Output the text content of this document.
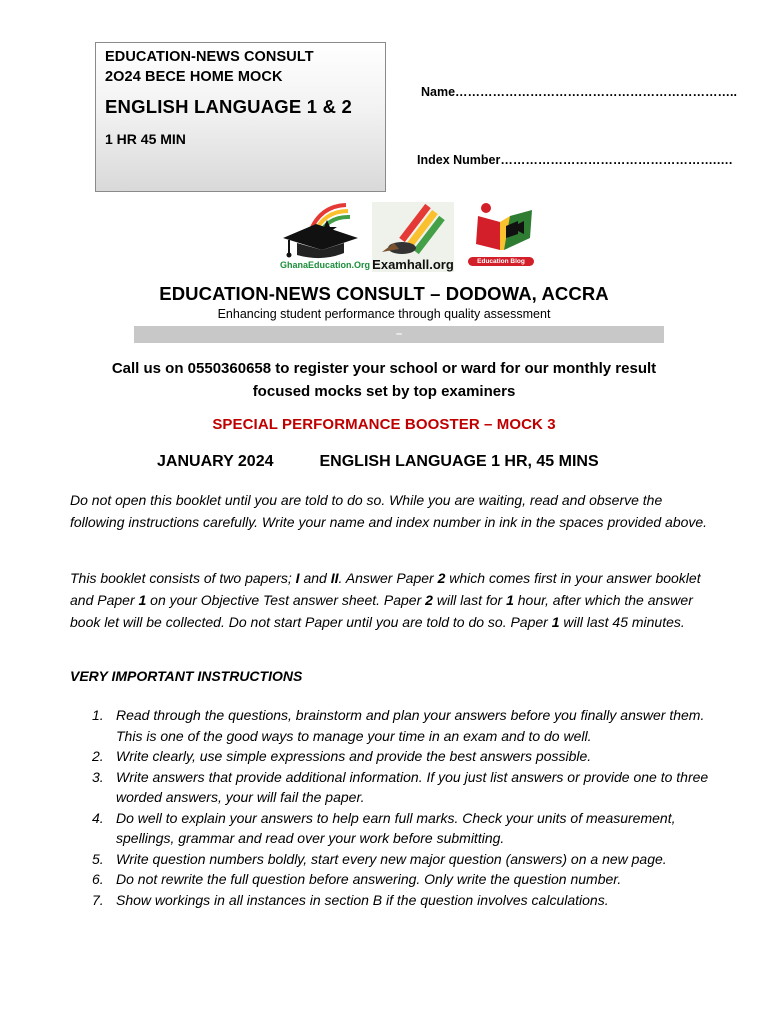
EDUCATION-NEWS CONSULT
2O24 BECE HOME MOCK
ENGLISH LANGUAGE 1 & 2
1 HR 45 MIN
Name…………………………………………………………..
Index Number…………………………………………….….
GhanaEducation.Org Examhall.org	Education Blog
EDUCATION-NEWS CONSULT – DODOWA, ACCRA
Enhancing student performance through quality assessment
–
Call us on 0550360658 to register your school or ward for our monthly result focused mocks set by top examiners
SPECIAL PERFORMANCE BOOSTER – MOCK 3
JANUARY 2024	ENGLISH LANGUAGE 1 HR, 45 MINS
Do not open this booklet until you are told to do so. While you are waiting, read and observe the following instructions carefully. Write your name and index number in ink in the spaces provided above.
This booklet consists of two papers; I and II. Answer Paper 2 which comes first in your answer booklet and Paper 1 on your Objective Test answer sheet. Paper 2 will last for 1 hour, after which the answer book let will be collected. Do not start Paper until you are told to do so. Paper 1 will last 45 minutes.
VERY IMPORTANT INSTRUCTIONS
1. Read through the questions, brainstorm and plan your answers before you finally answer them. This is one of the good ways to manage your time in an exam and to do well.
2. Write clearly, use simple expressions and provide the best answers possible.
3. Write answers that provide additional information. If you just list answers or provide one to three worded answers, your will fail the paper.
4. Do well to explain your answers to help earn full marks. Check your units of measurement, spellings, grammar and read over your work before submitting.
5. Write question numbers boldly, start every new major question (answers) on a new page.
6. Do not rewrite the full question before answering. Only write the question number.
7. Show workings in all instances in section B if the question involves calculations.
